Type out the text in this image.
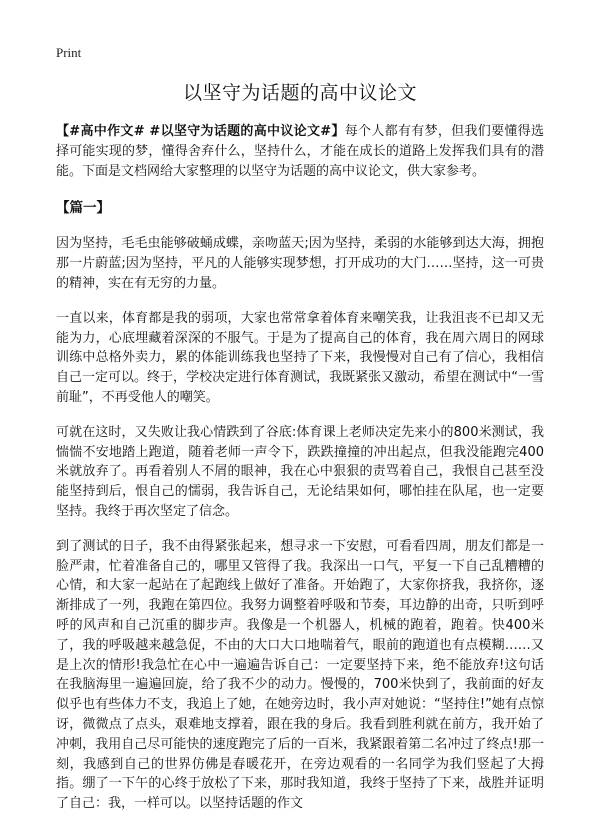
Print
以坚守为话题的高中议论文

【#高中作文# #以坚守为话题的高中议论文#】每个人都有有梦，但我们要懂得选择可能实现的梦，懂得舍弃什么，坚持什么，才能在成长的道路上发挥我们具有的潜能。下面是文档网给大家整理的以坚守为话题的高中议论文，供大家参考。

【篇一】

因为坚持，毛毛虫能够破蛹成蝶，亲吻蓝天;因为坚持，柔弱的水能够到达大海，拥抱那一片蔚蓝;因为坚持，平凡的人能够实现梦想，打开成功的大门……坚持，这一可贵的精神，实在有无穷的力量。

一直以来，体育都是我的弱项，大家也常常拿着体育来嘲笑我，让我沮丧不已却又无能为力，心底埋藏着深深的不服气。于是为了提高自己的体育，我在周六周日的网球训练中总格外卖力，累的体能训练我也坚持了下来，我慢慢对自己有了信心，我相信自己一定可以。终于，学校决定进行体育测试，我既紧张又激动，希望在测试中“一雪前耻”，不再受他人的嘲笑。

可就在这时，又失败让我心情跌到了谷底:体育课上老师决定先来小的800米测试，我惴惴不安地踏上跑道，随着老师一声令下，跌跌撞撞的冲出起点，但我没能跑完400米就放弃了。再看着别人不屑的眼神，我在心中狠狠的责骂着自己，我恨自己甚至没能坚持到后，恨自己的懦弱，我告诉自己，无论结果如何，哪怕挂在队尾，也一定要坚持。我终于再次坚定了信念。

到了测试的日子，我不由得紧张起来，想寻求一下安慰，可看看四周，朋友们都是一脸严肃，忙着准备自己的，哪里又管得了我。我深出一口气，平复一下自己乱糟糟的心情，和大家一起站在了起跑线上做好了准备。开始跑了，大家你挤我，我挤你，逐渐排成了一列，我跑在第四位。我努力调整着呼吸和节奏，耳边静的出奇，只听到呼呼的风声和自己沉重的脚步声。我像是一个机器人，机械的跑着，跑着。快400米了，我的呼吸越来越急促，不由的大口大口地喘着气，眼前的跑道也有点模糊……又是上次的情形!我急忙在心中一遍遍告诉自己：一定要坚持下来，绝不能放弃!这句话在我脑海里一遍遍回旋，给了我不少的动力。慢慢的，700米快到了，我前面的好友似乎也有些体力不支，我追上了她，在她旁边时，我小声对她说：“坚持住!”她有点惊讶，微微点了点头，艰难地支撑着，跟在我的身后。我看到胜利就在前方，我开始了冲刺，我用自己尽可能快的速度跑完了后的一百米，我紧跟着第二名冲过了终点!那一刻，我感到自己的世界仿佛是春暖花开，在旁边观看的一名同学为我们竖起了大拇指。绷了一下午的心终于放松了下来，那时我知道，我终于坚持了下来，战胜并证明了自己：我，一样可以。以坚持话题的作文
